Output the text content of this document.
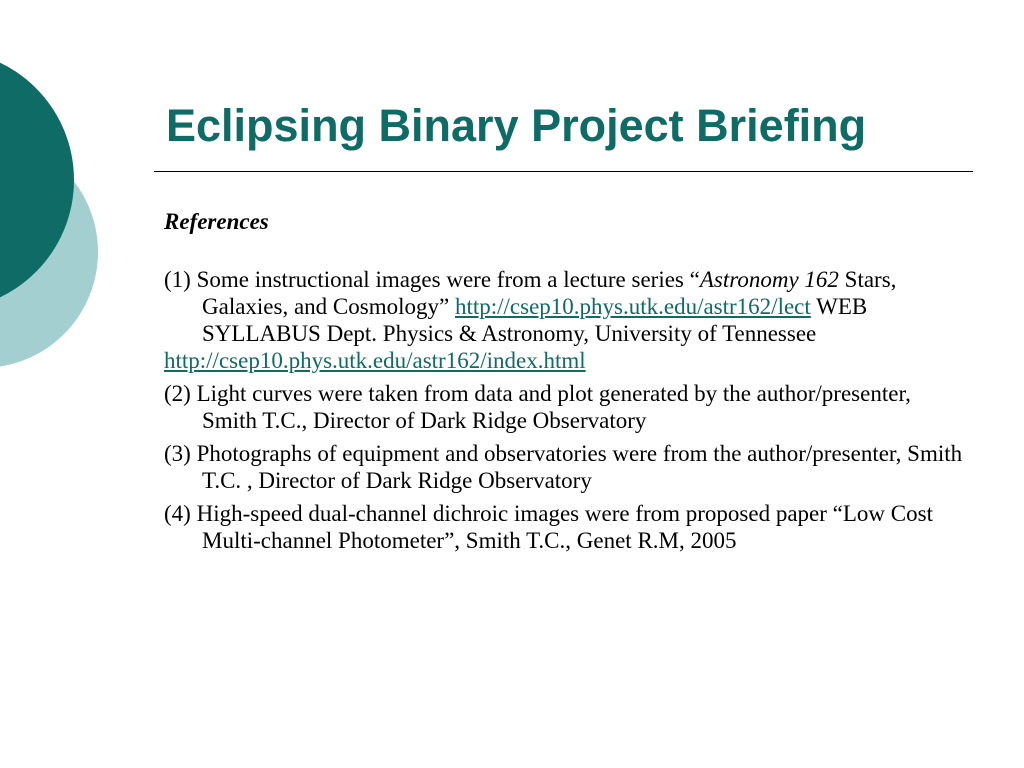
Eclipsing Binary Project Briefing
References
(1) Some instructional images were from a lecture series “Astronomy 162 Stars, Galaxies, and Cosmology” http://csep10.phys.utk.edu/astr162/lect WEB SYLLABUS Dept. Physics & Astronomy, University of Tennessee
http://csep10.phys.utk.edu/astr162/index.html
(2) Light curves were taken from data and plot generated by the author/presenter, Smith T.C., Director of Dark Ridge Observatory
(3) Photographs of equipment and observatories were from the author/presenter, Smith T.C. , Director of Dark Ridge Observatory
(4) High-speed dual-channel dichroic images were from proposed paper “Low Cost Multi-channel Photometer”, Smith T.C., Genet R.M, 2005
